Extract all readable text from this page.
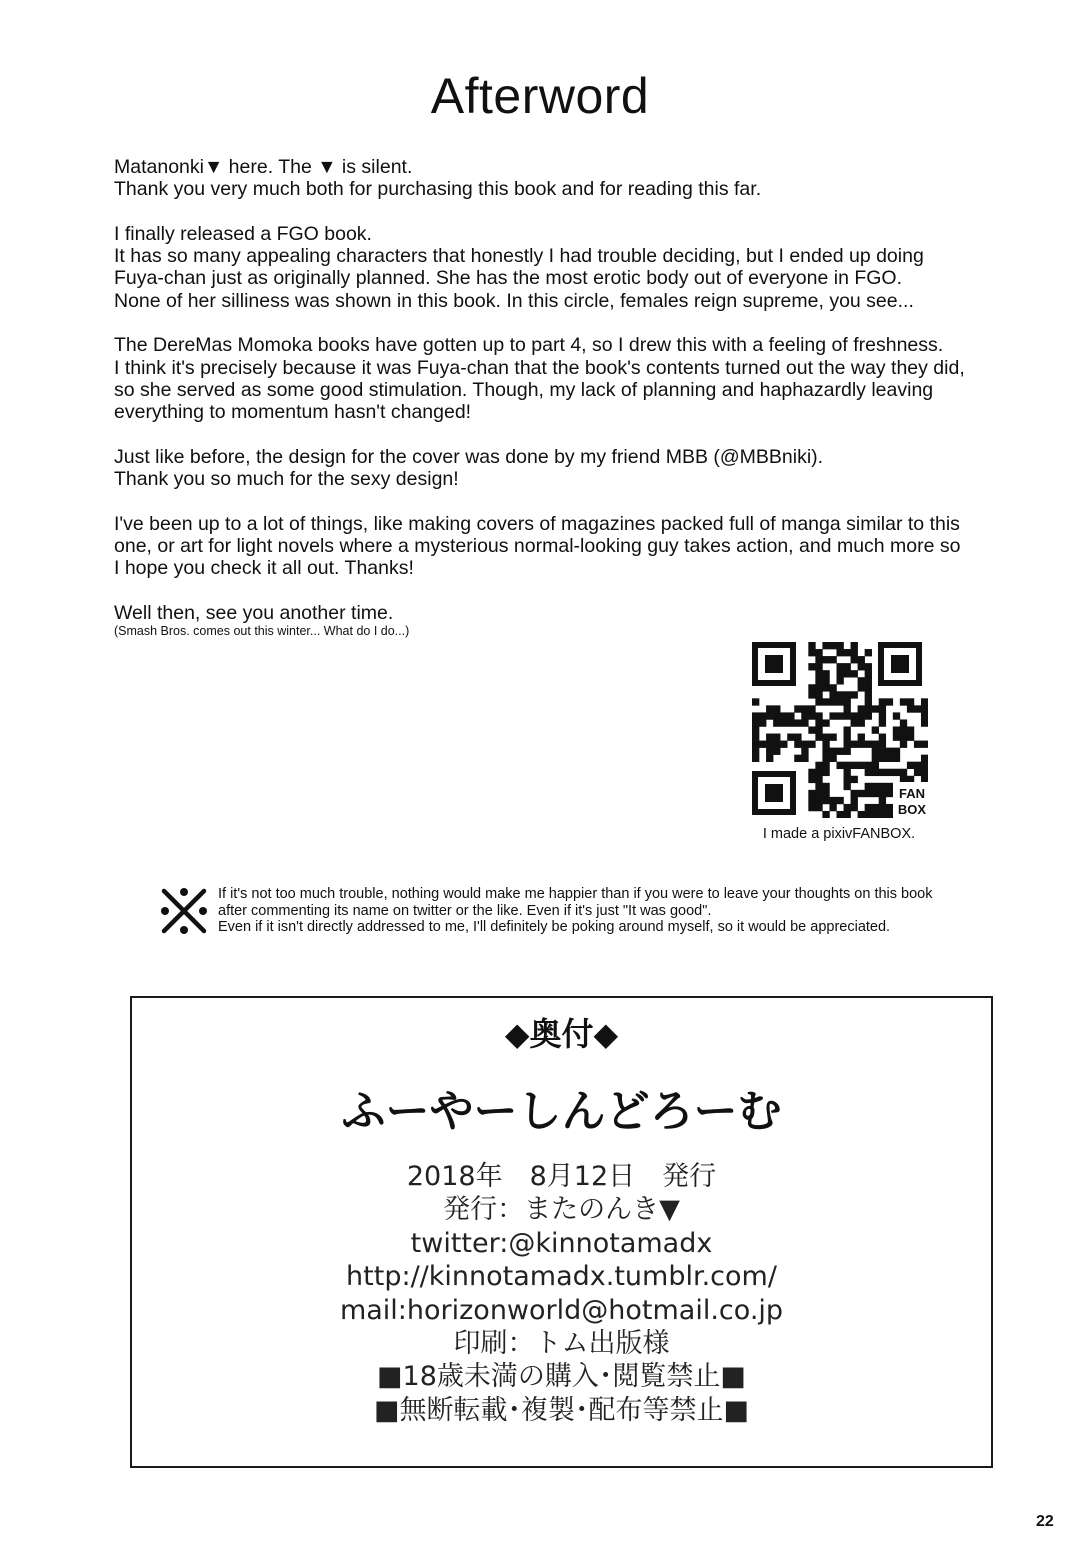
Afterword
Matanonki▼ here. The ▼ is silent.
Thank you very much both for purchasing this book and for reading this far.
I finally released a FGO book.
It has so many appealing characters that honestly I had trouble deciding, but I ended up doing
Fuya-chan just as originally planned. She has the most erotic body out of everyone in FGO.
None of her silliness was shown in this book. In this circle, females reign supreme, you see...
The DereMas Momoka books have gotten up to part 4, so I drew this with a feeling of freshness.
I think it's precisely because it was Fuya-chan that the book's contents turned out the way they did,
so she served as some good stimulation. Though, my lack of planning and haphazardly leaving
everything to momentum hasn't changed!
Just like before, the design for the cover was done by my friend MBB (@MBBniki).
Thank you so much for the sexy design!
I've been up to a lot of things, like making covers of magazines packed full of manga similar to this
one, or art for light novels where a mysterious normal-looking guy takes action, and much more so
I hope you check it all out. Thanks!
Well then, see you another time.
(Smash Bros. comes out this winter... What do I do...)
FAN
BOX
I made a pixivFANBOX.
If it's not too much trouble, nothing would make me happier than if you were to leave your thoughts on this book
after commenting its name on twitter or the like. Even if it's just "It was good".
Even if it isn't directly addressed to me, I'll definitely be poking around myself, so it would be appreciated.
◆奥付◆
ふーやーしんどろーむ
2018年　8月12日　発行
発行：またのんき▼
twitter:@kinnotamadx
http://kinnotamadx.tumblr.com/
mail:horizonworld@hotmail.co.jp
印刷：トム出版様
■18歳未満の購入･閲覧禁止■
■無断転載･複製･配布等禁止■
22
